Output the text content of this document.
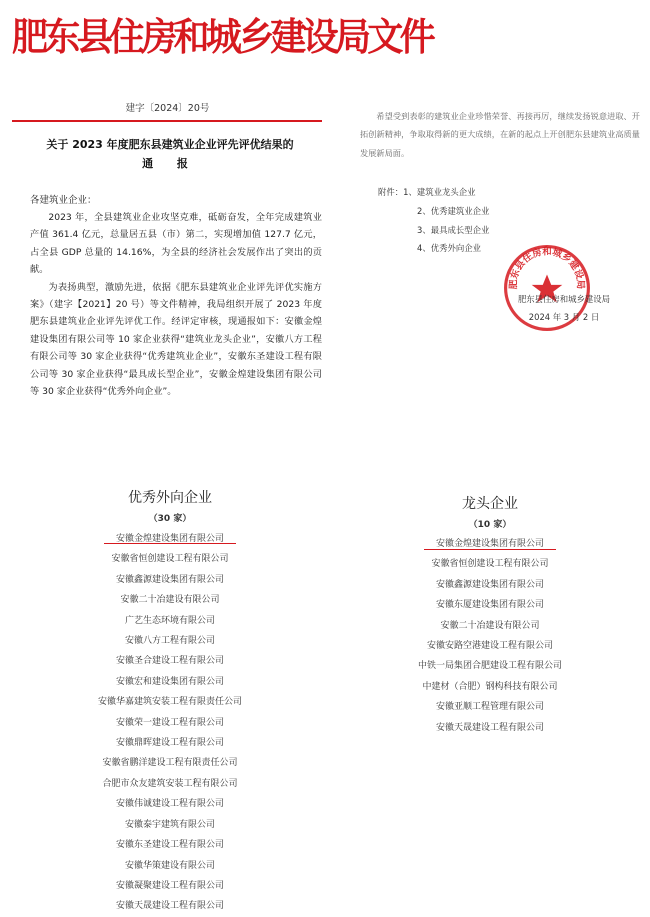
肥东县住房和城乡建设局文件
建字〔2024〕20号
关于 2023 年度肥东县建筑业企业评先评优结果的
通 报
各建筑业企业：

2023 年，全县建筑业企业攻坚克难，砥砺奋发，全年完成建筑业产值 361.4 亿元，总量居五县（市）第二，实现增加值 127.7 亿元，占全县 GDP 总量的 14.16%，为全县的经济社会发展作出了突出的贡献。

为表扬典型，激励先进，依据《肥东县建筑业企业评先评优实施方案》（建字【2021】20 号）等文件精神，我局组织开展了 2023 年度肥东县建筑业企业评先评优工作。经评定审核，现通报如下：安徽金煌建设集团有限公司等 10 家企业获得“建筑业龙头企业”，安徽八方工程有限公司等 30 家企业获得“优秀建筑业企业”，安徽东圣建设工程有限公司等 30 家企业获得“最具成长型企业”，安徽金煌建设集团有限公司等 30 家企业获得“优秀外向企业”。

希望受到表彰的建筑业企业珍惜荣誉、再接再厉，继续发扬锐意进取、开拓创新精神，争取取得新的更大成绩，在新的起点上开创肥东县建筑业高质量发展新局面。

附件：1、建筑业龙头企业
2、优秀建筑业企业
3、最具成长型企业
4、优秀外向企业
肥东县住房和城乡建设局
肥东县住房和城乡建设局
2024 年 3 月 2 日
优秀外向企业
（30 家）
安徽金煌建设集团有限公司
安徽省恒创建设工程有限公司
安徽鑫源建设集团有限公司
安徽二十冶建设有限公司
广艺生态环境有限公司
安徽八方工程有限公司
安徽圣合建设工程有限公司
安徽宏和建设集团有限公司
安徽华嘉建筑安装工程有限责任公司
安徽荣一建设工程有限公司
安徽鼎晖建设工程有限公司
安徽省鹏洋建设工程有限责任公司
合肥市众友建筑安装工程有限公司
安徽伟诚建设工程有限公司
安徽泰宇建筑有限公司
安徽东圣建设工程有限公司
安徽华策建设有限公司
安徽凝聚建设工程有限公司
安徽天晟建设工程有限公司
龙头企业
（10 家）
安徽金煌建设集团有限公司
安徽省恒创建设工程有限公司
安徽鑫源建设集团有限公司
安徽东厦建设集团有限公司
安徽二十冶建设有限公司
安徽安路空港建设工程有限公司
中铁一局集团合肥建设工程有限公司
中建材（合肥）钢构科技有限公司
安徽亚顺工程管理有限公司
安徽天晟建设工程有限公司
